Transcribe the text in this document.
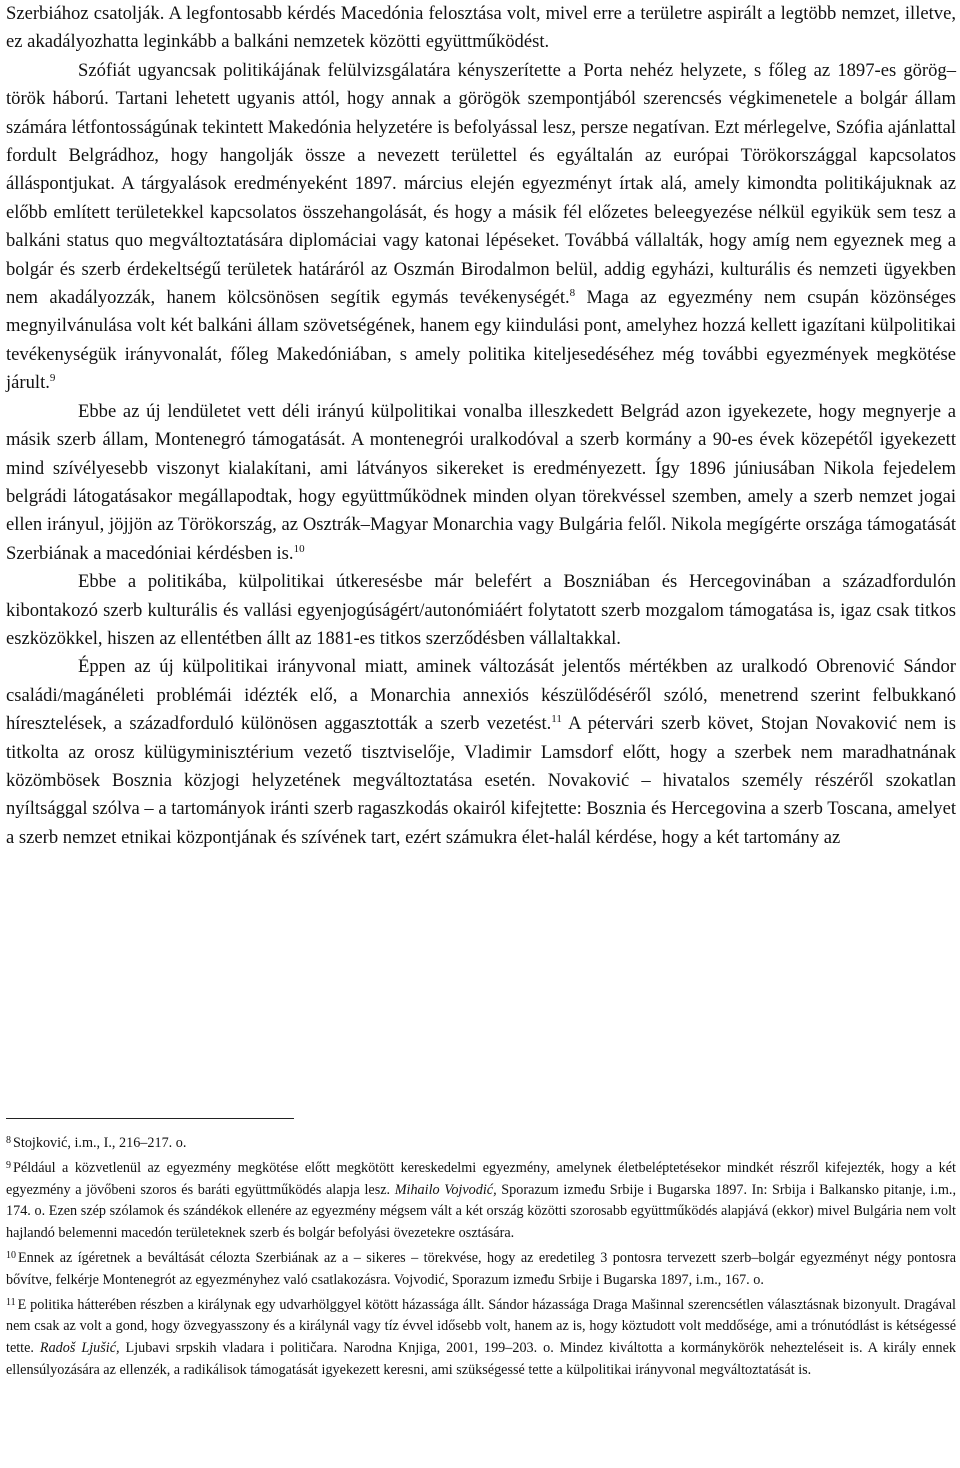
Szerbiához csatolják. A legfontosabb kérdés Macedónia felosztása volt, mivel erre a területre aspirált a legtöbb nemzet, illetve, ez akadályozhatta leginkább a balkáni nemzetek közötti együttműködést.

Szófiát ugyancsak politikájának felülvizsgálatára kényszerítette a Porta nehéz helyzete, s főleg az 1897-es görög–török háború. Tartani lehetett ugyanis attól, hogy annak a görögök szempontjából szerencsés végkimenetele a bolgár állam számára létfontosságúnak tekintett Makedónia helyzetére is befolyással lesz, persze negatívan. Ezt mérlegelve, Szófia ajánlattal fordult Belgrádhoz, hogy hangolják össze a nevezett területtel és egyáltalán az európai Törökországgal kapcsolatos álláspontjukat. A tárgyalások eredményeként 1897. március elején egyezményt írtak alá, amely kimondta politikájuknak az előbb említett területekkel kapcsolatos összehangolását, és hogy a másik fél előzetes beleegyezése nélkül egyikük sem tesz a balkáni status quo megváltoztatására diplomáciai vagy katonai lépéseket. Továbbá vállalták, hogy amíg nem egyeznek meg a bolgár és szerb érdekeltségű területek határáról az Oszmán Birodalmon belül, addig egyházi, kulturális és nemzeti ügyekben nem akadályozzák, hanem kölcsönösen segítik egymás tevékenységét.$^8$ Maga az egyezmény nem csupán közönséges megnyilvánulása volt két balkáni állam szövetségének, hanem egy kiindulási pont, amelyhez hozzá kellett igazítani külpolitikai tevékenységük irányvonalát, főleg Makedóniában, s amely politika kiteljesedéséhez még további egyezmények megkötése járult.$^9$

Ebbe az új lendületet vett déli irányú külpolitikai vonalba illeszkedett Belgrád azon igyekezete, hogy megnyerje a másik szerb állam, Montenegró támogatását. A montenegrói uralkodóval a szerb kormány a 90-es évek közepétől igyekezett mind szívélyesebb viszonyt kialakítani, ami látványos sikereket is eredményezett. Így 1896 júniusában Nikola fejedelem belgrádi látogatásakor megállapodtak, hogy együttműködnek minden olyan törekvéssel szemben, amely a szerb nemzet jogai ellen irányul, jöjjön az Törökország, az Osztrák–Magyar Monarchia vagy Bulgária felől. Nikola megígérte országa támogatását Szerbiának a macedóniai kérdésben is.$^{10}$

Ebbe a politikába, külpolitikai útkeresésbe már belefért a Boszniában és Hercegovinában a századfordulón kibontakozó szerb kulturális és vallási egyenjogúságért/autonómiáért folytatott szerb mozgalom támogatása is, igaz csak titkos eszközökkel, hiszen az ellentétben állt az 1881-es titkos szerződésben vállaltakkal.

Éppen az új külpolitikai irányvonal miatt, aminek változását jelentős mértékben az uralkodó Obrenović Sándor családi/magánéleti problémái idézték elő, a Monarchia annexiós készülődéséről szóló, menetrend szerint felbukkanó híresztelések, a századforduló különösen aggasztották a szerb vezetést.$^{11}$ A pétervári szerb követ, Stojan Novaković nem is titkolta az orosz külügyminisztérium vezető tisztviselője, Vladimir Lamsdorf előtt, hogy a szerbek nem maradhatnának közömbösek Bosznia közjogi helyzetének megváltoztatása esetén. Novaković – hivatalos személy részéről szokatlan nyíltsággal szólva – a tartományok iránti szerb ragaszkodás okairól kifejtette: Bosznia és Hercegovina a szerb Toscana, amelyet a szerb nemzet etnikai központjának és szívének tart, ezért számukra élet-halál kérdése, hogy a két tartomány az

$^8$ Stojković, i.m., I., 216–217. o.

$^9$ Például a közvetlenül az egyezmény megkötése előtt megkötött kereskedelmi egyezmény, amelynek életbeléptetésekor mindkét részről kifejezték, hogy a két egyezmény a jövőbeni szoros és baráti együttműködés alapja lesz. Mihailo Vojvodić, Sporazum između Srbije i Bugarska 1897. In: Srbija i Balkansko pitanje, i.m., 174. o. Ezen szép szólamok és szándékok ellenére az egyezmény mégsem vált a két ország közötti szorosabb együttműködés alapjává (ekkor) mivel Bulgária nem volt hajlandó belemenni macedón területeknek szerb és bolgár befolyási övezetekre osztására.

$^{10}$ Ennek az ígéretnek a beváltását célozta Szerbiának az a – sikeres – törekvése, hogy az eredetileg 3 pontosra tervezett szerb–bolgár egyezményt négy pontosra bővítve, felkérje Montenegrót az egyezményhez való csatlakozásra. Vojvodić, Sporazum između Srbije i Bugarska 1897, i.m., 167. o.

$^{11}$ E politika hátterében részben a királynak egy udvarhölggyel kötött házassága állt. Sándor házassága Draga Mašinnal szerencsétlen választásnak bizonyult. Dragával nem csak az volt a gond, hogy özvegyasszony és a királynál vagy tíz évvel idősebb volt, hanem az is, hogy köztudott volt meddősége, ami a trónutódlást is kétségessé tette. Radoš Ljušić, Ljubavi srpskih vladara i političara. Narodna Knjiga, 2001, 199–203. o. Mindez kiváltotta a kormánykörök nehezteléseit is. A király ennek ellensúlyozására az ellenzék, a radikálisok támogatását igyekezett keresni, ami szükségessé tette a külpolitikai irányvonal megváltoztatását is.
